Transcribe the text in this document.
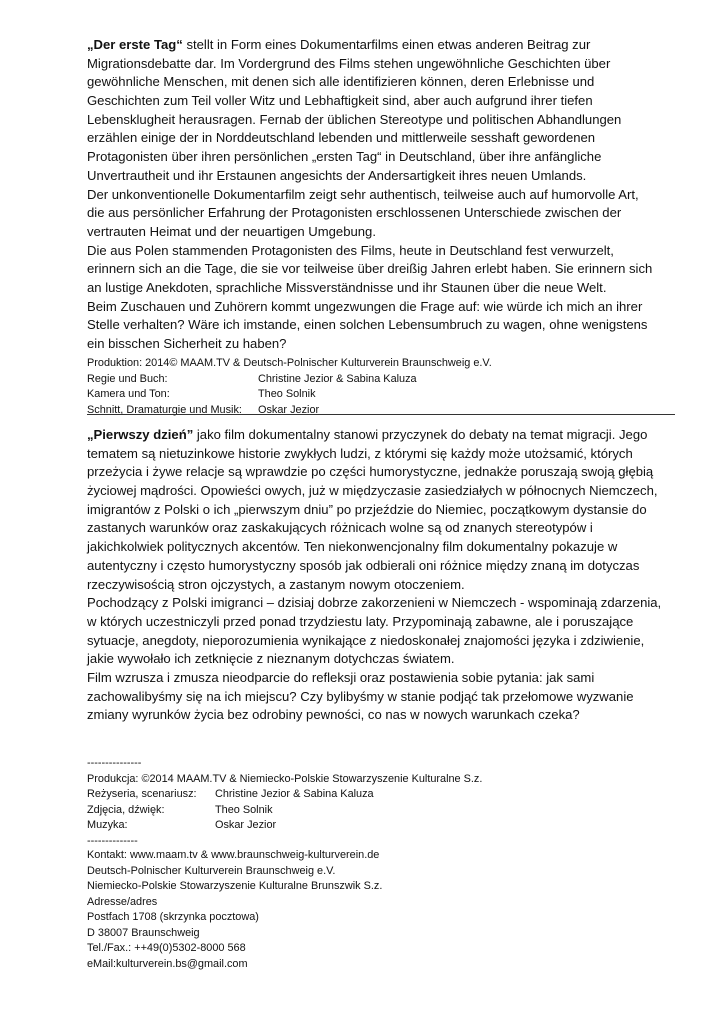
„Der erste Tag“ stellt in Form eines Dokumentarfilms einen etwas anderen Beitrag zur
Migrationsdebatte dar. Im Vordergrund des Films stehen ungewöhnliche Geschichten über
gewöhnliche Menschen, mit denen sich alle identifizieren können, deren Erlebnisse und
Geschichten zum Teil voller Witz und Lebhaftigkeit sind, aber auch aufgrund ihrer tiefen
Lebensklugheit herausragen. Fernab der üblichen Stereotype und politischen Abhandlungen
erzählen einige der in Norddeutschland lebenden und mittlerweile sesshaft gewordenen
Protagonisten über ihren persönlichen „ersten Tag“ in Deutschland, über ihre anfängliche
Unvertrautheit und ihr Erstaunen angesichts der Andersartigkeit ihres neuen Umlands.
Der unkonventionelle Dokumentarfilm zeigt sehr authentisch, teilweise auch auf humorvolle Art,
die aus persönlicher Erfahrung der Protagonisten erschlossenen Unterschiede zwischen der
vertrauten Heimat und der neuartigen Umgebung.
Die aus Polen stammenden Protagonisten des Films, heute in Deutschland fest verwurzelt,
erinnern sich an die Tage, die sie vor teilweise über dreißig Jahren erlebt haben. Sie erinnern sich
an lustige Anekdoten, sprachliche Missverständnisse und ihr Staunen über die neue Welt.
Beim Zuschauen und Zuhörern kommt ungezwungen die Frage auf: wie würde ich mich an ihrer
Stelle verhalten? Wäre ich imstande, einen solchen Lebensumbruch zu wagen, ohne wenigstens
ein bisschen Sicherheit zu haben?
Produktion: 2014© MAAM.TV & Deutsch-Polnischer Kulturverein Braunschweig e.V.
Regie und Buch:	Christine Jezior & Sabina Kaluza
Kamera und Ton:	Theo Solnik
Schnitt, Dramaturgie und Musik:	Oskar Jezior
„Pierwszy dzień” jako film dokumentalny stanowi przyczynek do debaty na temat migracji. Jego
tematem są nietuzinkowe historie zwykłych ludzi, z którymi się każdy może utożsamić, których
przeżycia i żywe relacje są wprawdzie po części humorystyczne, jednakże poruszają swoją głębią
życiowej mądrości. Opowieści owych, już w międzyczasie zasiedziałych w północnych Niemczech,
imigrantów z Polski o ich „pierwszym dniu” po przjeździe do Niemiec, początkowym dystansie do
zastanych warunków oraz zaskakujących różnicach wolne są od znanych stereotypów i
jakichkolwiek politycznych akcentów. Ten niekonwencjonalny film dokumentalny pokazuje w
autentyczny i często humorystyczny sposób jak odbierali oni różnice między znaną im dotyczas
rzeczywisością stron ojczystych, a zastanym nowym otoczeniem.
Pochodzący z Polski imigranci – dzisiaj dobrze zakorzenieni w Niemczech - wspominają zdarzenia,
w których uczestniczyli przed ponad trzydziestu laty. Przypominają zabawne, ale i poruszające
sytuacje, anegdoty, nieporozumienia wynikające z niedoskonałej znajomości języka i zdziwienie,
jakie wywołało ich zetknięcie z nieznanym dotychczas światem.
Film wzrusza i zmusza nieodparcie do refleksji oraz postawienia sobie pytania: jak sami
zachowalibyśmy się na ich miejscu? Czy bylibyśmy w stanie podjąć tak przełomowe wyzwanie
zmiany wyrunków życia bez odrobiny pewności, co nas w nowych warunkach czeka?
---------------
Produkcja: ©2014 MAAM.TV & Niemiecko-Polskie Stowarzyszenie Kulturalne S.z.
Reżyseria, scenariusz:	Christine Jezior & Sabina Kaluza
Zdjęcia, dźwięk:	Theo Solnik
Muzyka:	Oskar Jezior
--------------
Kontakt: www.maam.tv & www.braunschweig-kulturverein.de
Deutsch-Polnischer Kulturverein Braunschweig e.V.
Niemiecko-Polskie Stowarzyszenie Kulturalne Brunszwik S.z.
Adresse/adres
Postfach 1708 (skrzynka pocztowa)
D 38007 Braunschweig
Tel./Fax.: ++49(0)5302-8000 568
eMail:kulturverein.bs@gmail.com
